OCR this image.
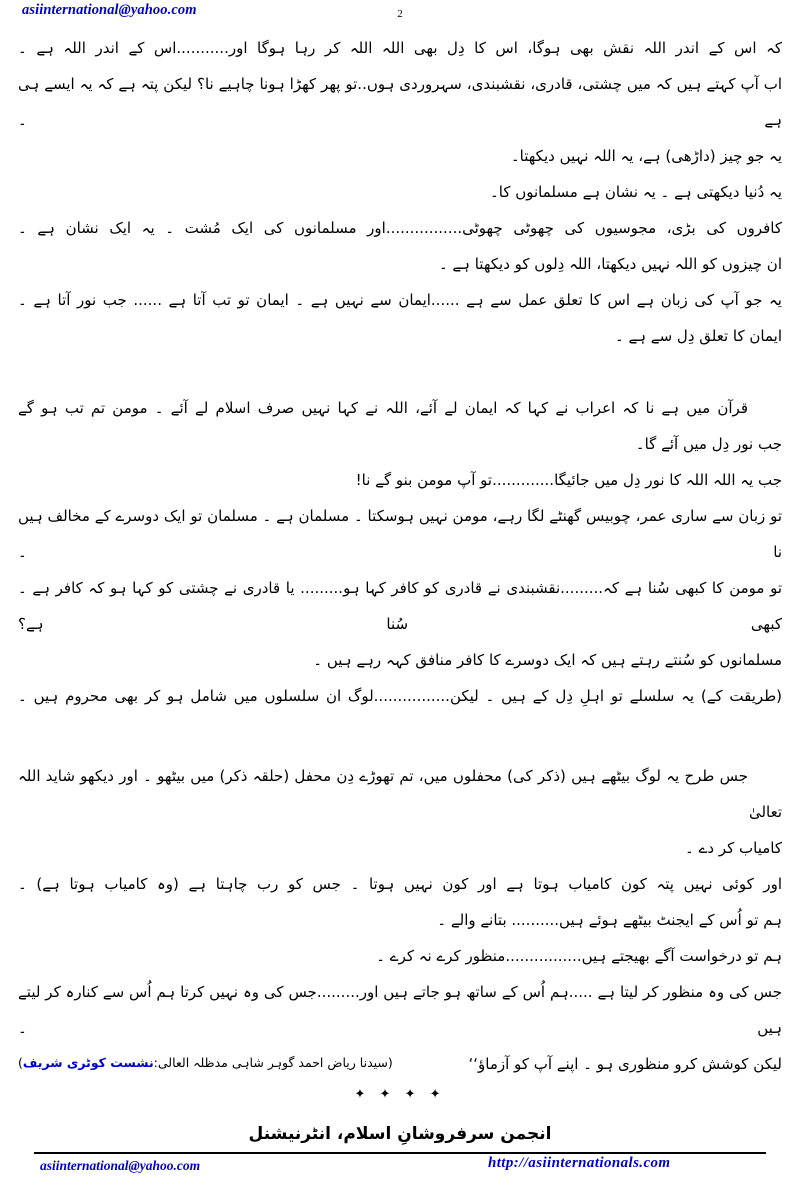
asiinternational@yahoo.com	2
کہ اس کے اندر اللہ نقش بھی ہوگا، اس کا دِل بھی اللہ اللہ کر رہا ہوگا اور...........اس کے اندر اللہ ہے ۔
اب آپ کہتے ہیں کہ میں چشتی، قادری، نقشبندی، سہروردی ہوں..تو پھر کھڑا ہونا چاہیے نا؟ لیکن پتہ ہے کہ یہ ایسے ہی ہے ۔
یہ جو چیز (داڑھی) ہے، یہ اللہ نہیں دیکھتا۔
یہ دُنیا دیکھتی ہے ۔ یہ نشان ہے مسلمانوں کا۔
کافروں کی بڑی، مجوسیوں کی چھوٹی چھوٹی................اور مسلمانوں کی ایک مُشت ۔ یہ ایک نشان ہے ۔
ان چیزوں کو اللہ نہیں دیکھتا، اللہ دِلوں کو دیکھتا ہے ۔
یہ جو آپ کی زبان ہے اس کا تعلق عمل سے ہے ......ایمان سے نہیں ہے ۔ ایمان تو تب آتا ہے ...... جب نور آتا ہے ۔
ایمان کا تعلق دِل سے ہے ۔
قرآن میں ہے نا کہ اعراب نے کہا کہ ایمان لے آئے، اللہ نے کہا نہیں صرف اسلام لے آئے ۔ مومن تم تب ہو گے
جب نور دِل میں آئے گا۔
جب یہ اللہ اللہ کا نور دِل میں جائیگا.............تو آپ مومن بنو گے نا!
تو زبان سے ساری عمر، چوبیس گھنٹے لگا رہے، مومن نہیں ہوسکتا ۔ مسلمان ہے ۔ مسلمان تو ایک دوسرے کے مخالف ہیں نا ۔
تو مومن کا کبھی سُنا ہے کہ.........نقشبندی نے قادری کو کافر کہا ہو......... یا قادری نے چشتی کو کہا ہو کہ کافر ہے ۔ کبھی سُنا ہے؟
مسلمانوں کو سُنتے رہتے ہیں کہ ایک دوسرے کا کافر منافق کہہ رہے ہیں ۔
(طریقت کے) یہ سلسلے تو اہلِ دِل کے ہیں ۔ لیکن................لوگ ان سلسلوں میں شامل ہو کر بھی محروم ہیں ۔
جس طرح یہ لوگ بیٹھے ہیں (ذکر کی) محفلوں میں، تم تھوڑے دِن محفل (حلقہ ذکر) میں بیٹھو ۔ اور دیکھو شاید اللہ تعالیٰ
کامیاب کر دے ۔
اور کوئی نہیں پتہ کون کامیاب ہوتا ہے اور کون نہیں ہوتا ۔ جس کو رب چاہتا ہے (وہ کامیاب ہوتا ہے) ۔
ہم تو اُس کے ایجنٹ بیٹھے ہوئے ہیں.......... بتانے والے ۔
ہم تو درخواست آگے بھیجتے ہیں................منظور کرے نہ کرے ۔
جس کی وہ منظور کر لیتا ہے .....ہم اُس کے ساتھ ہو جاتے ہیں اور.........جس کی وہ نہیں کرتا ہم اُس سے کنارہ کر لیتے ہیں ۔
لیکن کوشش کرو منظوری ہو ۔ اپنے آپ کو آزماؤ‘‘
(سیدنا ریاض احمد گوہر شاہی مدظلہ العالی:نشست کوٹری شریف)
✦ ✦ ✦ ✦
انجمن سرفروشانِ اسلام، انٹرنیشنل
asiinternational@yahoo.com	http://asiinternationals.com
